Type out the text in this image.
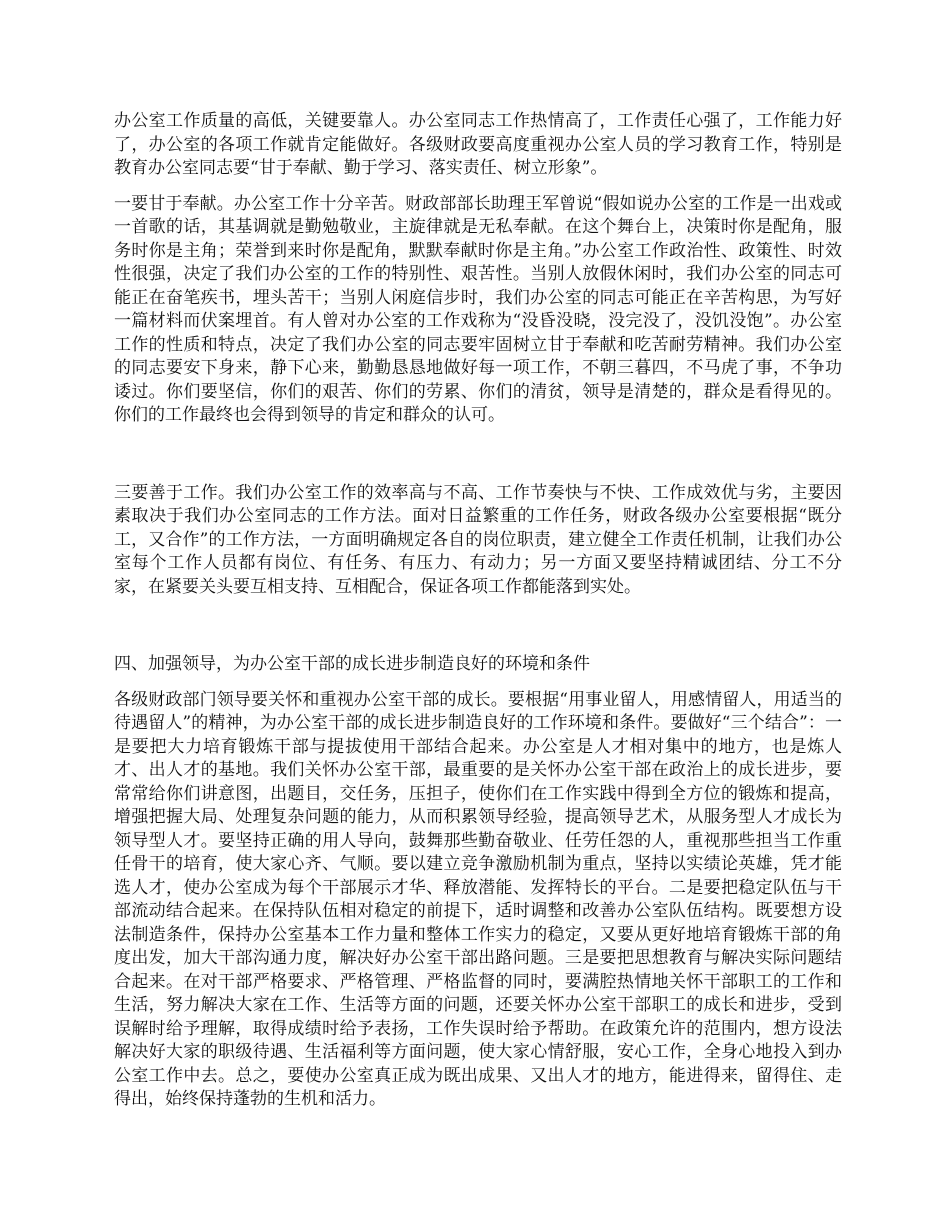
办公室工作质量的高低，关键要靠人。办公室同志工作热情高了，工作责任心强了，工作能力好了，办公室的各项工作就肯定能做好。各级财政要高度重视办公室人员的学习教育工作，特别是教育办公室同志要“甘于奉献、勤于学习、落实责任、树立形象”。

一要甘于奉献。办公室工作十分辛苦。财政部部长助理王军曾说“假如说办公室的工作是一出戏或一首歌的话，其基调就是勤勉敬业，主旋律就是无私奉献。在这个舞台上，决策时你是配角，服务时你是主角；荣誉到来时你是配角，默默奉献时你是主角。”办公室工作政治性、政策性、时效性很强，决定了我们办公室的工作的特别性、艰苦性。当别人放假休闲时，我们办公室的同志可能正在奋笔疾书，埋头苦干；当别人闲庭信步时，我们办公室的同志可能正在辛苦构思，为写好一篇材料而伏案埋首。有人曾对办公室的工作戏称为“没昏没晓，没完没了，没饥没饱”。办公室工作的性质和特点，决定了我们办公室的同志要牢固树立甘于奉献和吃苦耐劳精神。我们办公室的同志要安下身来，静下心来，勤勤恳恳地做好每一项工作，不朝三暮四，不马虎了事，不争功诿过。你们要坚信，你们的艰苦、你们的劳累、你们的清贫，领导是清楚的，群众是看得见的。你们的工作最终也会得到领导的肯定和群众的认可。

三要善于工作。我们办公室工作的效率高与不高、工作节奏快与不快、工作成效优与劣，主要因素取决于我们办公室同志的工作方法。面对日益繁重的工作任务，财政各级办公室要根据“既分工，又合作”的工作方法，一方面明确规定各自的岗位职责，建立健全工作责任机制，让我们办公室每个工作人员都有岗位、有任务、有压力、有动力；另一方面又要坚持精诚团结、分工不分家，在紧要关头要互相支持、互相配合，保证各项工作都能落到实处。

四、加强领导，为办公室干部的成长进步制造良好的环境和条件

各级财政部门领导要关怀和重视办公室干部的成长。要根据“用事业留人，用感情留人，用适当的待遇留人”的精神，为办公室干部的成长进步制造良好的工作环境和条件。要做好“三个结合”：一是要把大力培育锻炼干部与提拔使用干部结合起来。办公室是人才相对集中的地方，也是炼人才、出人才的基地。我们关怀办公室干部，最重要的是关怀办公室干部在政治上的成长进步，要常常给你们讲意图，出题目，交任务，压担子，使你们在工作实践中得到全方位的锻炼和提高，增强把握大局、处理复杂问题的能力，从而积累领导经验，提高领导艺术，从服务型人才成长为领导型人才。要坚持正确的用人导向，鼓舞那些勤奋敬业、任劳任怨的人，重视那些担当工作重任骨干的培育，使大家心齐、气顺。要以建立竞争激励机制为重点，坚持以实绩论英雄，凭才能选人才，使办公室成为每个干部展示才华、释放潜能、发挥特长的平台。二是要把稳定队伍与干部流动结合起来。在保持队伍相对稳定的前提下，适时调整和改善办公室队伍结构。既要想方设法制造条件，保持办公室基本工作力量和整体工作实力的稳定，又要从更好地培育锻炼干部的角度出发，加大干部沟通力度，解决好办公室干部出路问题。三是要把思想教育与解决实际问题结合起来。在对干部严格要求、严格管理、严格监督的同时，要满腔热情地关怀干部职工的工作和生活，努力解决大家在工作、生活等方面的问题，还要关怀办公室干部职工的成长和进步，受到误解时给予理解，取得成绩时给予表扬，工作失误时给予帮助。在政策允许的范围内，想方设法解决好大家的职级待遇、生活福利等方面问题，使大家心情舒服，安心工作，全身心地投入到办公室工作中去。总之，要使办公室真正成为既出成果、又出人才的地方，能进得来，留得住、走得出，始终保持蓬勃的生机和活力。
